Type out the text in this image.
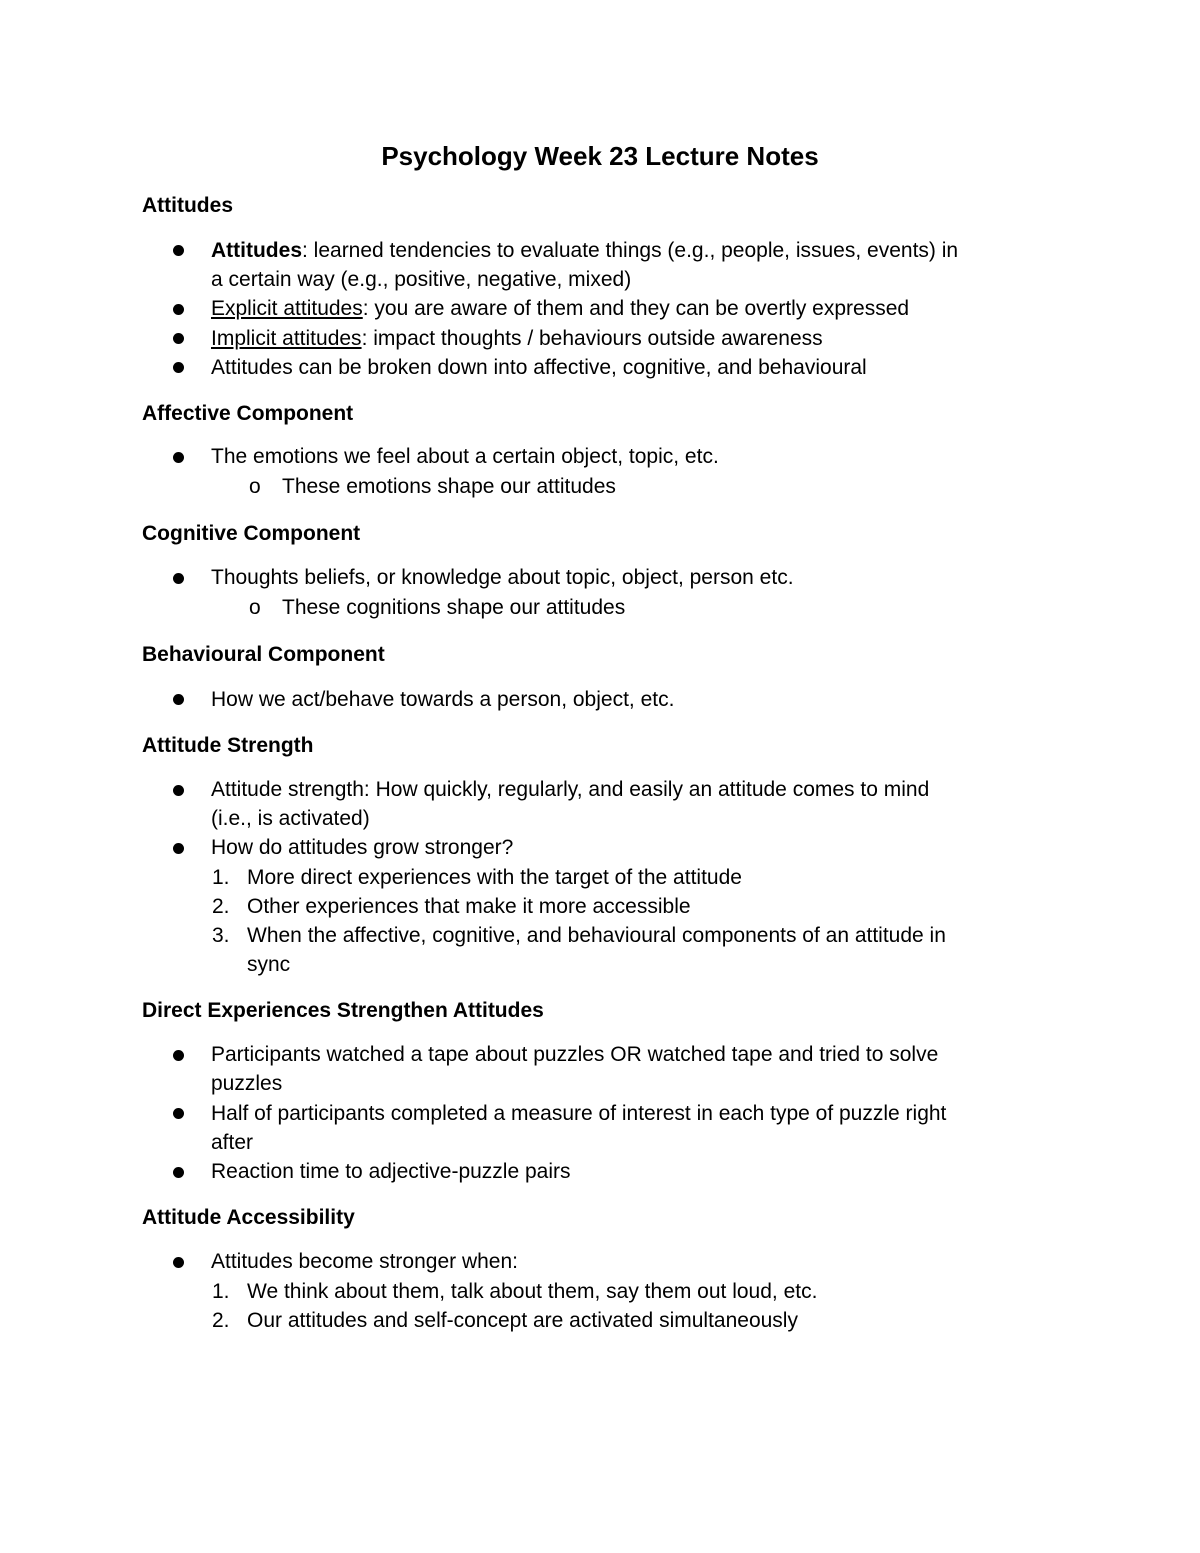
Psychology Week 23 Lecture Notes
Attitudes
Attitudes: learned tendencies to evaluate things (e.g., people, issues, events) in
a certain way (e.g., positive, negative, mixed)
Explicit attitudes: you are aware of them and they can be overtly expressed
Implicit attitudes: impact thoughts / behaviours outside awareness
Attitudes can be broken down into affective, cognitive, and behavioural
Affective Component
The emotions we feel about a certain object, topic, etc.
o These emotions shape our attitudes
Cognitive Component
Thoughts beliefs, or knowledge about topic, object, person etc.
o These cognitions shape our attitudes
Behavioural Component
How we act/behave towards a person, object, etc.
Attitude Strength
Attitude strength: How quickly, regularly, and easily an attitude comes to mind
(i.e., is activated)
How do attitudes grow stronger?
1. More direct experiences with the target of the attitude
2. Other experiences that make it more accessible
3. When the affective, cognitive, and behavioural components of an attitude in
sync
Direct Experiences Strengthen Attitudes
Participants watched a tape about puzzles OR watched tape and tried to solve
puzzles
Half of participants completed a measure of interest in each type of puzzle right
after
Reaction time to adjective-puzzle pairs
Attitude Accessibility
Attitudes become stronger when:
1. We think about them, talk about them, say them out loud, etc.
2. Our attitudes and self-concept are activated simultaneously
